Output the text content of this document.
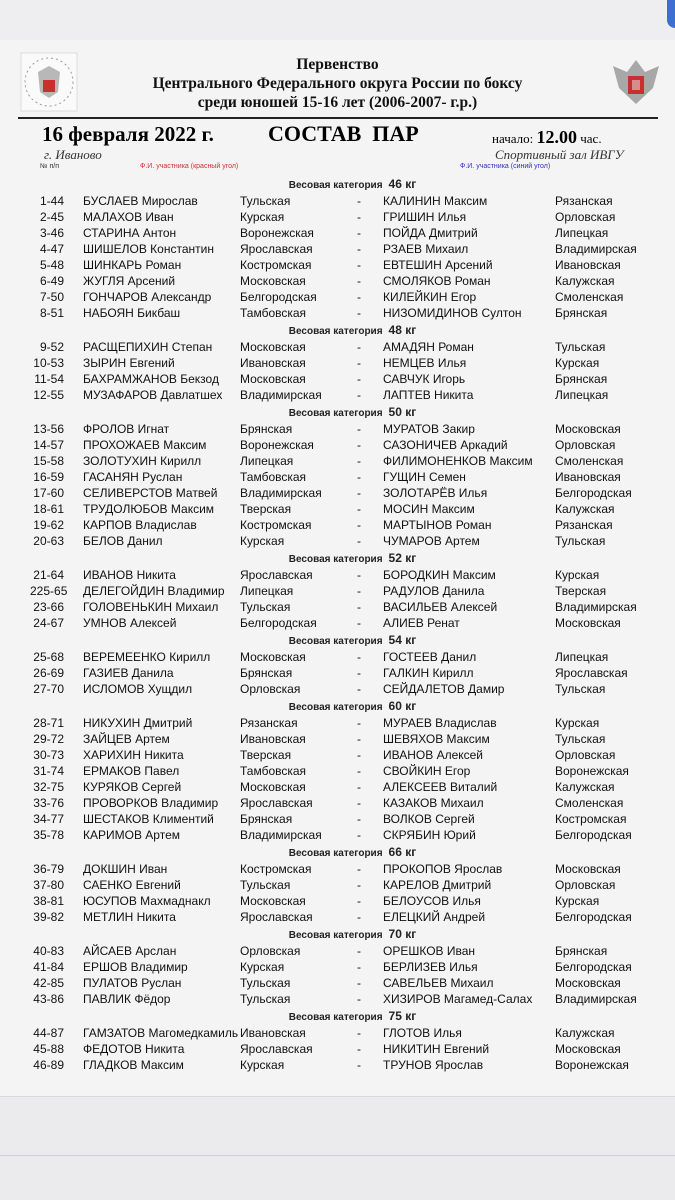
Первенство
Центрального Федерального округа России по боксу
среди юношей 15-16 лет (2006-2007- г.р.)
16 февраля 2022 г. СОСТАВ  ПАР	начало: 12.00 час.
г. Иваново	Спортивный зал ИВГУ
№ п/п	Ф.И. участника (красный угол)	Ф.И. участника (синий угол)
Весовая категория 46 кг
1-44 БУСЛАЕВ Мирослав	Тульская	- КАЛИНИН Максим	Рязанская
2-45 МАЛАХОВ Иван	Курская	- ГРИШИН Илья	Орловская
3-46 СТАРИНА Антон	Воронежская	- ПОЙДА Дмитрий	Липецкая
4-47 ШИШЕЛОВ Константин Ярославская	- РЗАЕВ Михаил	Владимирская
5-48 ШИНКАРЬ Роман	Костромская	- ЕВТЕШИН Арсений	Ивановская
6-49 ЖУГЛЯ Арсений	Московская	- СМОЛЯКОВ Роман	Калужская
7-50 ГОНЧАРОВ Александр Белгородская	- КИЛЕЙКИН Егор	Смоленская
8-51 НАБОЯН Бикбаш	Тамбовская	- НИЗОМИДИНОВ Султон	Брянская
Весовая категория 48 кг
9-52 РАСЩЕПИХИН Степан Московская	- АМАДЯН Роман	Тульская
10-53 ЗЫРИН Евгений	Ивановская	- НЕМЦЕВ Илья	Курская
11-54 БАХРАМЖАНОВ Бекзод Московская	- САВЧУК Игорь	Брянская
12-55 МУЗАФАРОВ Давлатшех Владимирская	- ЛАПТЕВ Никита	Липецкая
Весовая категория 50 кг
13-56 ФРОЛОВ Игнат	Брянская	- МУРАТОВ Закир	Московская
14-57 ПРОХОЖАЕВ Максим	Воронежская	- САЗОНИЧЕВ Аркадий	Орловская
15-58 ЗОЛОТУХИН Кирилл	Липецкая	- ФИЛИМОНЕНКОВ Максим Смоленская
16-59 ГАСАНЯН Руслан	Тамбовская	- ГУЩИН Семен	Ивановская
17-60 СЕЛИВЕРСТОВ Матвей Владимирская	- ЗОЛОТАРЁВ Илья	Белгородская
18-61 ТРУДОЛЮБОВ Максим Тверская	- МОСИН Максим	Калужская
19-62 КАРПОВ Владислав	Костромская	- МАРТЫНОВ Роман	Рязанская
20-63 БЕЛОВ Данил	Курская	- ЧУМАРОВ Артем	Тульская
Весовая категория 52 кг
21-64 ИВАНОВ Никита	Ярославская	- БОРОДКИН Максим	Курская
225-65 ДЕЛЕГОЙДИН Владимир Липецкая	- РАДУЛОВ Данила	Тверская
23-66 ГОЛОВЕНЬКИН Михаил Тульская	- ВАСИЛЬЕВ Алексей	Владимирская
24-67 УМНОВ Алексей	Белгородская	- АЛИЕВ Ренат	Московская
Весовая категория 54 кг
25-68 ВЕРЕМЕЕНКО Кирилл Московская	- ГОСТЕЕВ Данил	Липецкая
26-69 ГАЗИЕВ Данила	Брянская	- ГАЛКИН Кирилл	Ярославская
27-70 ИСЛОМОВ Хущдил	Орловская	- СЕЙДАЛЕТОВ Дамир	Тульская
Весовая категория 60 кг
28-71 НИКУХИН Дмитрий	Рязанская	- МУРАЕВ Владислав	Курская
29-72 ЗАЙЦЕВ Артем	Ивановская	- ШЕВЯХОВ Максим	Тульская
30-73 ХАРИХИН Никита	Тверская	- ИВАНОВ Алексей	Орловская
31-74 ЕРМАКОВ Павел	Тамбовская	- СВОЙКИН Егор	Воронежская
32-75 КУРЯКОВ Сергей	Московская	- АЛЕКСЕЕВ Виталий	Калужская
33-76 ПРОВОРКОВ Владимир Ярославская	- КАЗАКОВ Михаил	Смоленская
34-77 ШЕСТАКОВ Климентий Брянская	- ВОЛКОВ Сергей	Костромская
35-78 КАРИМОВ Артем	Владимирская	- СКРЯБИН Юрий	Белгородская
Весовая категория 66 кг
36-79 ДОКШИН Иван	Костромская	- ПРОКОПОВ Ярослав	Московская
37-80 САЕНКО Евгений	Тульская	- КАРЕЛОВ Дмитрий	Орловская
38-81 ЮСУПОВ Махмаднакл Московская	- БЕЛОУСОВ Илья	Курская
39-82 МЕТЛИН Никита	Ярославская	- ЕЛЕЦКИЙ Андрей	Белгородская
Весовая категория 70 кг
40-83 АЙСАЕВ Арслан	Орловская	- ОРЕШКОВ Иван	Брянская
41-84 ЕРШОВ Владимир	Курская	- БЕРЛИЗЕВ Илья	Белгородская
42-85 ПУЛАТОВ Руслан	Тульская	- САВЕЛЬЕВ Михаил	Московская
43-86 ПАВЛИК Фёдор	Тульская	- ХИЗИРОВ Магамед-Салах Владимирская
Весовая категория 75 кг
44-87 ГАМЗАТОВ Магомедкамиль Ивановская	- ГЛОТОВ Илья	Калужская
45-88 ФЕДОТОВ Никита	Ярославская	- НИКИТИН Евгений	Московская
46-89 ГЛАДКОВ Максим	Курская	- ТРУНОВ Ярослав	Воронежская
